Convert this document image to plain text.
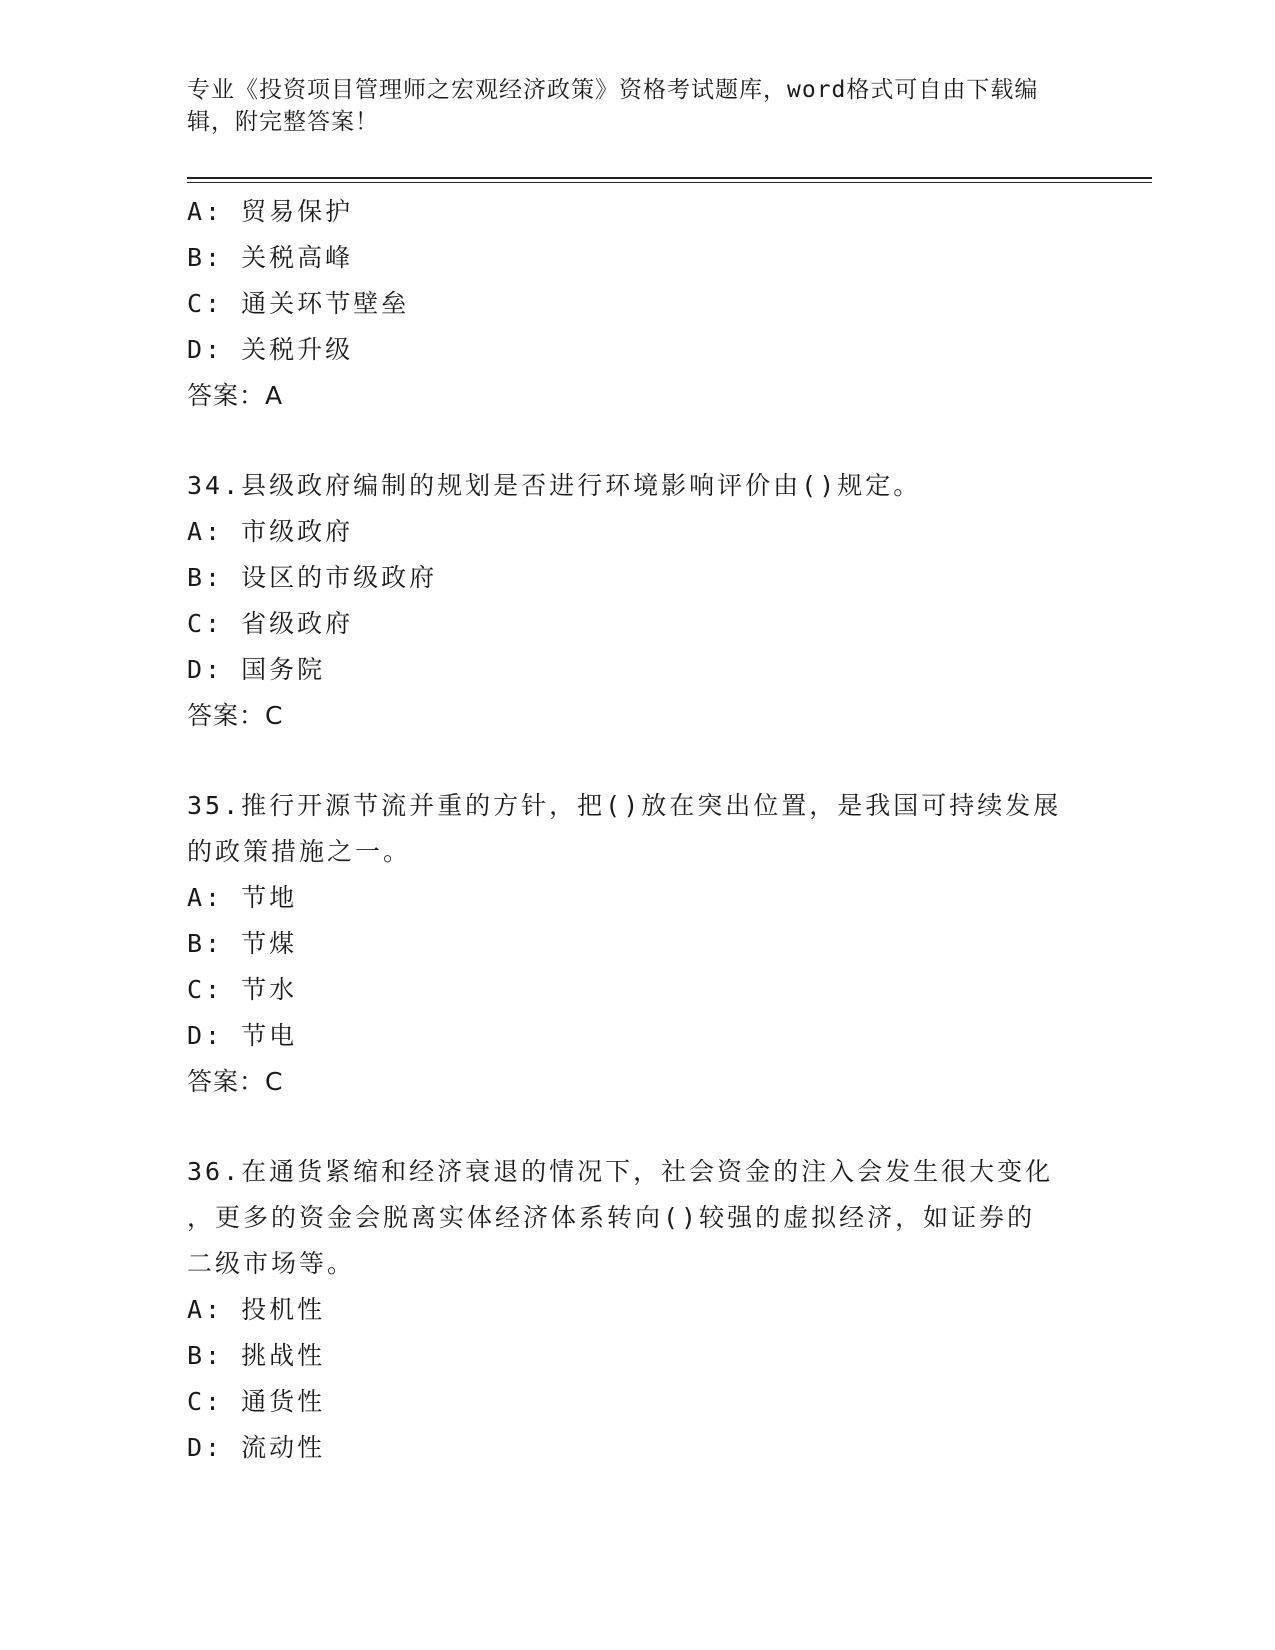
专业《投资项目管理师之宏观经济政策》资格考试题库，word格式可自由下载编
辑，附完整答案！

A: 贸易保护

B: 关税高峰

C: 通关环节壁垒

D: 关税升级

答案：A

34.县级政府编制的规划是否进行环境影响评价由()规定。

A: 市级政府

B: 设区的市级政府

C: 省级政府

D: 国务院

答案：C

35.推行开源节流并重的方针，把()放在突出位置，是我国可持续发展

的政策措施之一。

A: 节地

B: 节煤

C: 节水

D: 节电

答案：C

36.在通货紧缩和经济衰退的情况下，社会资金的注入会发生很大变化

，更多的资金会脱离实体经济体系转向()较强的虚拟经济，如证券的

二级市场等。

A: 投机性

B: 挑战性

C: 通货性

D: 流动性
